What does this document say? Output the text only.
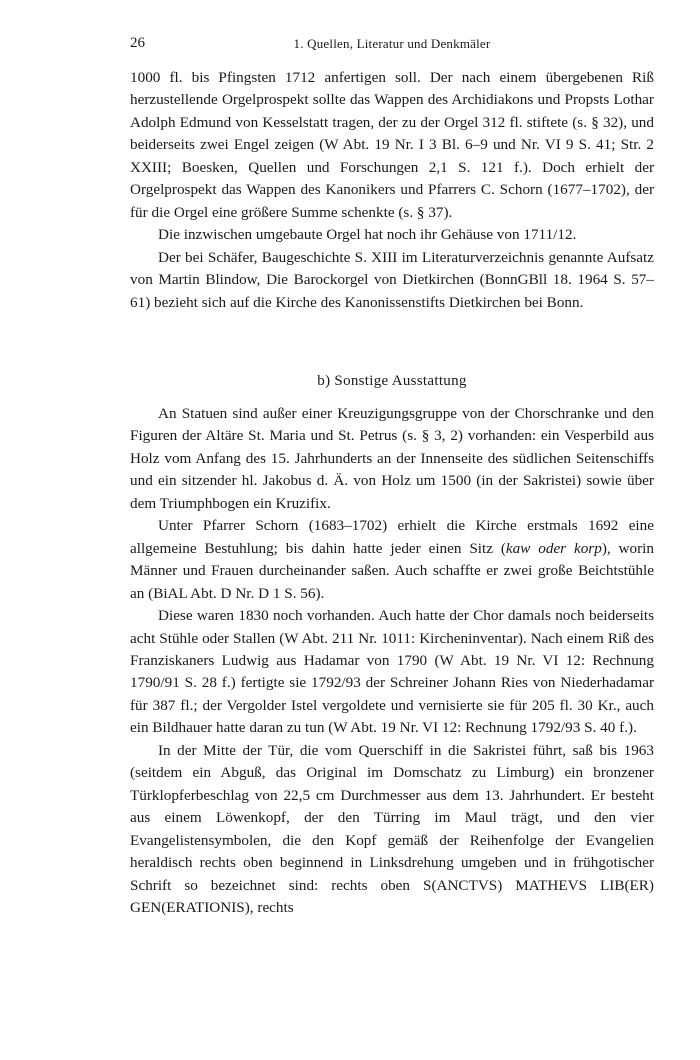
26	1. Quellen, Literatur und Denkmäler

1000 fl. bis Pfingsten 1712 anfertigen soll. Der nach einem übergebenen Riß herzustellende Orgelprospekt sollte das Wappen des Archidiakons und Propsts Lothar Adolph Edmund von Kesselstatt tragen, der zu der Orgel 312 fl. stiftete (s. § 32), und beiderseits zwei Engel zeigen (W Abt. 19 Nr. I 3 Bl. 6–9 und Nr. VI 9 S. 41; Str. 2 XXIII; Boesken, Quellen und Forschungen 2,1 S. 121 f.). Doch erhielt der Orgelprospekt das Wappen des Kanonikers und Pfarrers C. Schorn (1677–1702), der für die Orgel eine größere Summe schenkte (s. § 37).

Die inzwischen umgebaute Orgel hat noch ihr Gehäuse von 1711/12.

Der bei Schäfer, Baugeschichte S. XIII im Literaturverzeichnis genannte Aufsatz von Martin Blindow, Die Barockorgel von Dietkirchen (BonnGBll 18. 1964 S. 57–61) bezieht sich auf die Kirche des Kanonissenstifts Dietkirchen bei Bonn.

b) Sonstige Ausstattung

An Statuen sind außer einer Kreuzigungsgruppe von der Chorschranke und den Figuren der Altäre St. Maria und St. Petrus (s. § 3, 2) vorhanden: ein Vesperbild aus Holz vom Anfang des 15. Jahrhunderts an der Innenseite des südlichen Seitenschiffs und ein sitzender hl. Jakobus d. Ä. von Holz um 1500 (in der Sakristei) sowie über dem Triumphbogen ein Kruzifix.

Unter Pfarrer Schorn (1683–1702) erhielt die Kirche erstmals 1692 eine allgemeine Bestuhlung; bis dahin hatte jeder einen Sitz (kaw oder korp), worin Männer und Frauen durcheinander saßen. Auch schaffte er zwei große Beichtstühle an (BiAL Abt. D Nr. D 1 S. 56).

Diese waren 1830 noch vorhanden. Auch hatte der Chor damals noch beiderseits acht Stühle oder Stallen (W Abt. 211 Nr. 1011: Kircheninventar). Nach einem Riß des Franziskaners Ludwig aus Hadamar von 1790 (W Abt. 19 Nr. VI 12: Rechnung 1790/91 S. 28 f.) fertigte sie 1792/93 der Schreiner Johann Ries von Niederhadamar für 387 fl.; der Vergolder Istel vergoldete und vernisierte sie für 205 fl. 30 Kr., auch ein Bildhauer hatte daran zu tun (W Abt. 19 Nr. VI 12: Rechnung 1792/93 S. 40 f.).

In der Mitte der Tür, die vom Querschiff in die Sakristei führt, saß bis 1963 (seitdem ein Abguß, das Original im Domschatz zu Limburg) ein bronzener Türklopferbeschlag von 22,5 cm Durchmesser aus dem 13. Jahrhundert. Er besteht aus einem Löwenkopf, der den Türring im Maul trägt, und den vier Evangelistensymbolen, die den Kopf gemäß der Reihenfolge der Evangelien heraldisch rechts oben beginnend in Linksdrehung umgeben und in frühgotischer Schrift so bezeichnet sind: rechts oben S(ANCTVS) MATHEVS LIB(ER) GEN(ERATIONIS), rechts
